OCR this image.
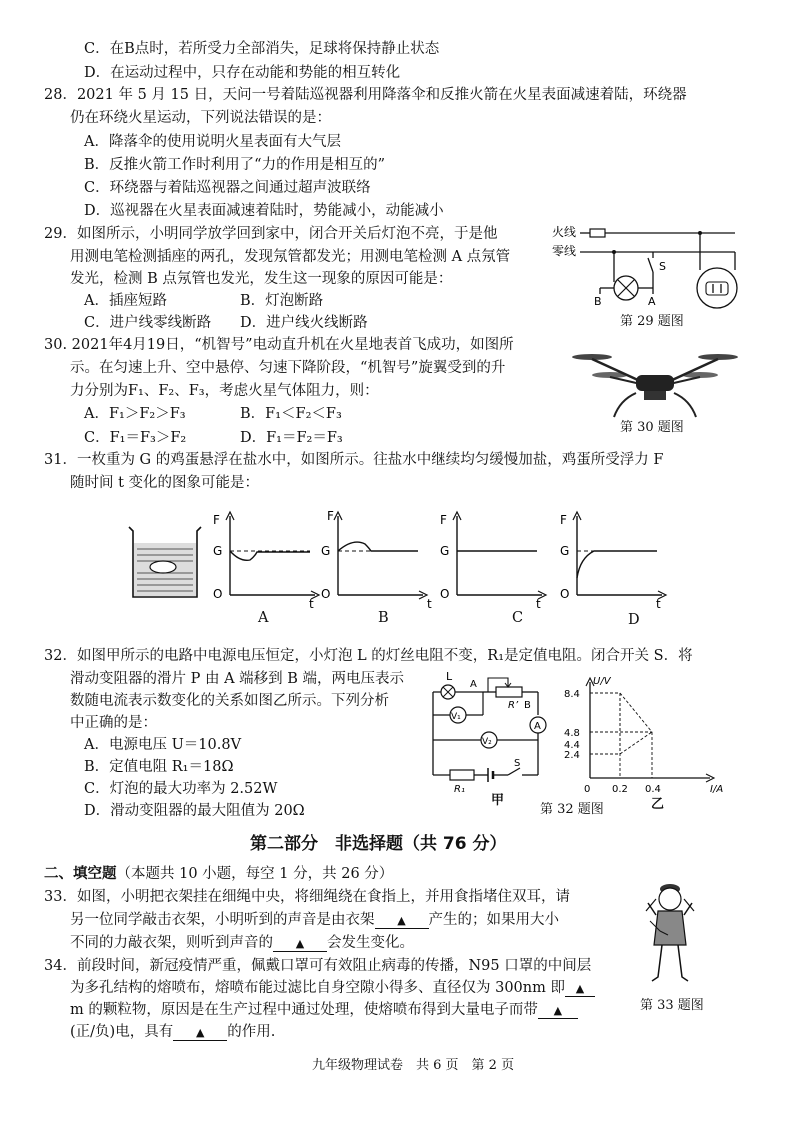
C．在B点时，若所受力全部消失，足球将保持静止状态
D．在运动过程中，只存在动能和势能的相互转化
28．2021 年 5 月 15 日，天问一号着陆巡视器利用降落伞和反推火箭在火星表面减速着陆，环绕器
仍在环绕火星运动，下列说法错误的是：
A．降落伞的使用说明火星表面有大气层
B．反推火箭工作时利用了“力的作用是相互的”
C．环绕器与着陆巡视器之间通过超声波联络
D．巡视器在火星表面减速着陆时，势能减小，动能减小
29．如图所示，小明同学放学回到家中，闭合开关后灯泡不亮，于是他
用测电笔检测插座的两孔，发现氖管都发光；用测电笔检测 A 点氖管
发光，检测 B 点氖管也发光，发生这一现象的原因可能是：
A．插座短路	B．灯泡断路
C．进户线零线断路 D．进户线火线断路
火线
零线
S
B	A
第 29 题图
30. 2021年4月19日，“机智号”电动直升机在火星地表首飞成功，如图所
示。在匀速上升、空中悬停、匀速下降阶段，“机智号”旋翼受到的升
力分别为F₁、F₂、F₃，考虑火星气体阻力，则：
A．F₁＞F₂＞F₃	B．F₁＜F₂＜F₃
C．F₁＝F₃＞F₂	D．F₁＝F₂＝F₃
第 30 题图
31．一枚重为 G 的鸡蛋悬浮在盐水中，如图所示。往盐水中继续均匀缓慢加盐，鸡蛋所受浮力 F
随时间 t 变化的图象可能是：
F
G
O
t
A
F
G
O
t
B
F
G
O
t
C
F
G
O
t
D
32．如图甲所示的电路中电源电压恒定，小灯泡 L 的灯丝电阻不变，R₁是定值电阻。闭合开关 S．将
滑动变阻器的滑片 P 由 A 端移到 B 端，两电压表示
数随电流表示数变化的关系如图乙所示。下列分析
中正确的是：
A．电源电压 U＝10.8V
B．定值电阻 R₁＝18Ω
C．灯泡的最大功率为 2.52W
D．滑动变阻器的最大阻值为 20Ω
L
A
R’ B
A
V₁
V₂
R₁
S
甲
第 32 题图
U/V
I/A
8.4
4.8
4.4
2.4
0 0.2 0.4
乙
第二部分　非选择题（共 76 分）
二、填空题（本题共 10 小题，每空 1 分，共 26 分）
33．如图，小明把衣架挂在细绳中央，将细绳绕在食指上，并用食指堵住双耳，请
另一位同学敲击衣架，小明听到的声音是由衣架 ▲ 产生的；如果用大小
不同的力敲衣架，则听到声音的 ▲ 会发生变化。
第 33 题图
34．前段时间，新冠疫情严重，佩戴口罩可有效阻止病毒的传播，N95 口罩的中间层
为多孔结构的熔喷布，熔喷布能过滤比自身空隙小得多、直径仅为 300nm 即 ▲
m 的颗粒物，原因是在生产过程中通过处理，使熔喷布得到大量电子而带 ▲
(正/负)电，具有 ▲ 的作用.
九年级物理试卷　共 6 页　第 2 页
